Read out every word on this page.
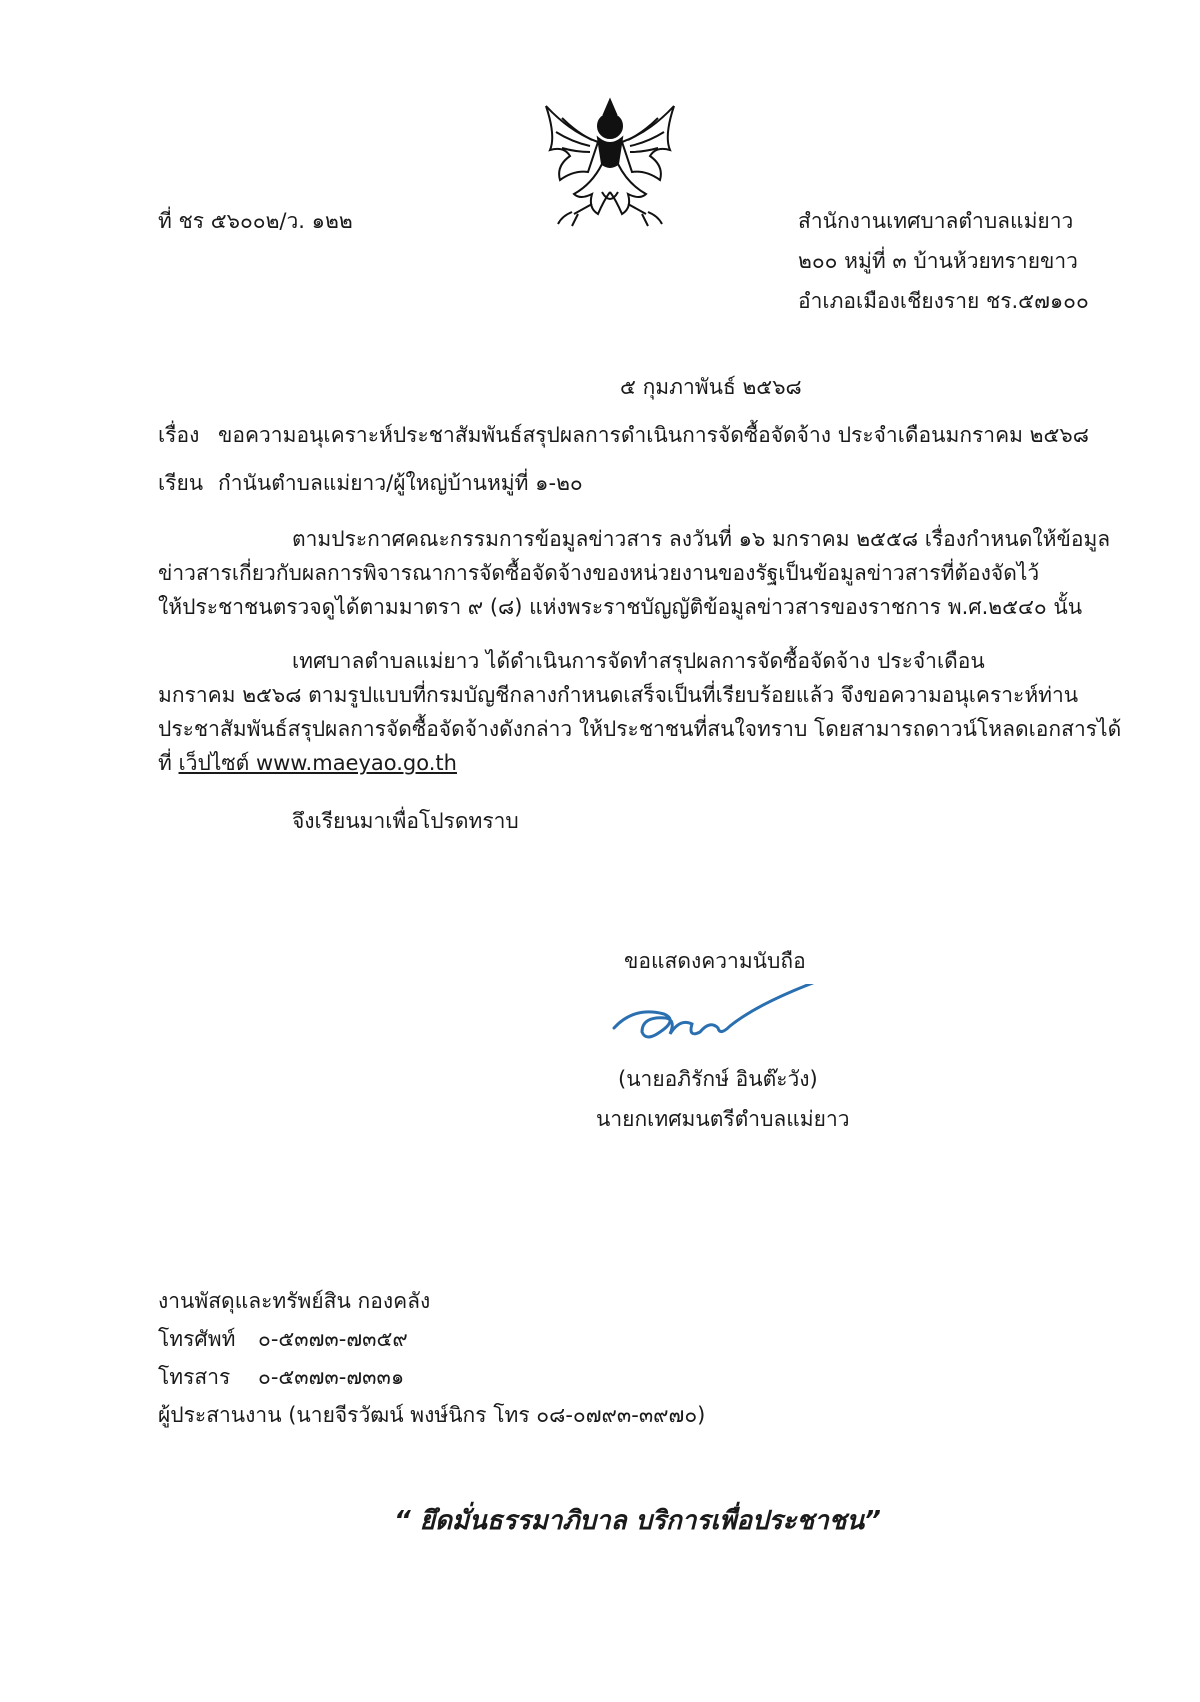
ที่ ชร ๕๖๐๐๒/ว. ๑๒๒	สำนักงานเทศบาลตำบลแม่ยาว
๒๐๐ หมู่ที่ ๓ บ้านห้วยทรายขาว
อำเภอเมืองเชียงราย ชร.๕๗๑๐๐
๕ กุมภาพันธ์ ๒๕๖๘
เรื่อง ขอความอนุเคราะห์ประชาสัมพันธ์สรุปผลการดำเนินการจัดซื้อจัดจ้าง ประจำเดือนมกราคม ๒๕๖๘
เรียน กำนันตำบลแม่ยาว/ผู้ใหญ่บ้านหมู่ที่ ๑-๒๐
ตามประกาศคณะกรรมการข้อมูลข่าวสาร ลงวันที่ ๑๖ มกราคม ๒๕๕๘ เรื่องกำหนดให้ข้อมูล
ข่าวสารเกี่ยวกับผลการพิจารณาการจัดซื้อจัดจ้างของหน่วยงานของรัฐเป็นข้อมูลข่าวสารที่ต้องจัดไว้
ให้ประชาชนตรวจดูได้ตามมาตรา ๙ (๘) แห่งพระราชบัญญัติข้อมูลข่าวสารของราชการ พ.ศ.๒๕๔๐ นั้น
เทศบาลตำบลแม่ยาว ได้ดำเนินการจัดทำสรุปผลการจัดซื้อจัดจ้าง ประจำเดือน
มกราคม ๒๕๖๘ ตามรูปแบบที่กรมบัญชีกลางกำหนดเสร็จเป็นที่เรียบร้อยแล้ว จึงขอความอนุเคราะห์ท่าน
ประชาสัมพันธ์สรุปผลการจัดซื้อจัดจ้างดังกล่าว ให้ประชาชนที่สนใจทราบ โดยสามารถดาวน์โหลดเอกสารได้
ที่ เว็ปไซต์ www.maeyao.go.th
จึงเรียนมาเพื่อโปรดทราบ
ขอแสดงความนับถือ
(นายอภิรักษ์ อินต๊ะวัง)
นายกเทศมนตรีตำบลแม่ยาว
งานพัสดุและทรัพย์สิน กองคลัง
โทรศัพท์ ๐-๕๓๗๓-๗๓๕๙
โทรสาร ๐-๕๓๗๓-๗๓๓๑
ผู้ประสานงาน (นายจีรวัฒน์ พงษ์นิกร โทร ๐๘-๐๗๙๓-๓๙๗๐)
“ ยึดมั่นธรรมาภิบาล บริการเพื่อประชาชน”
